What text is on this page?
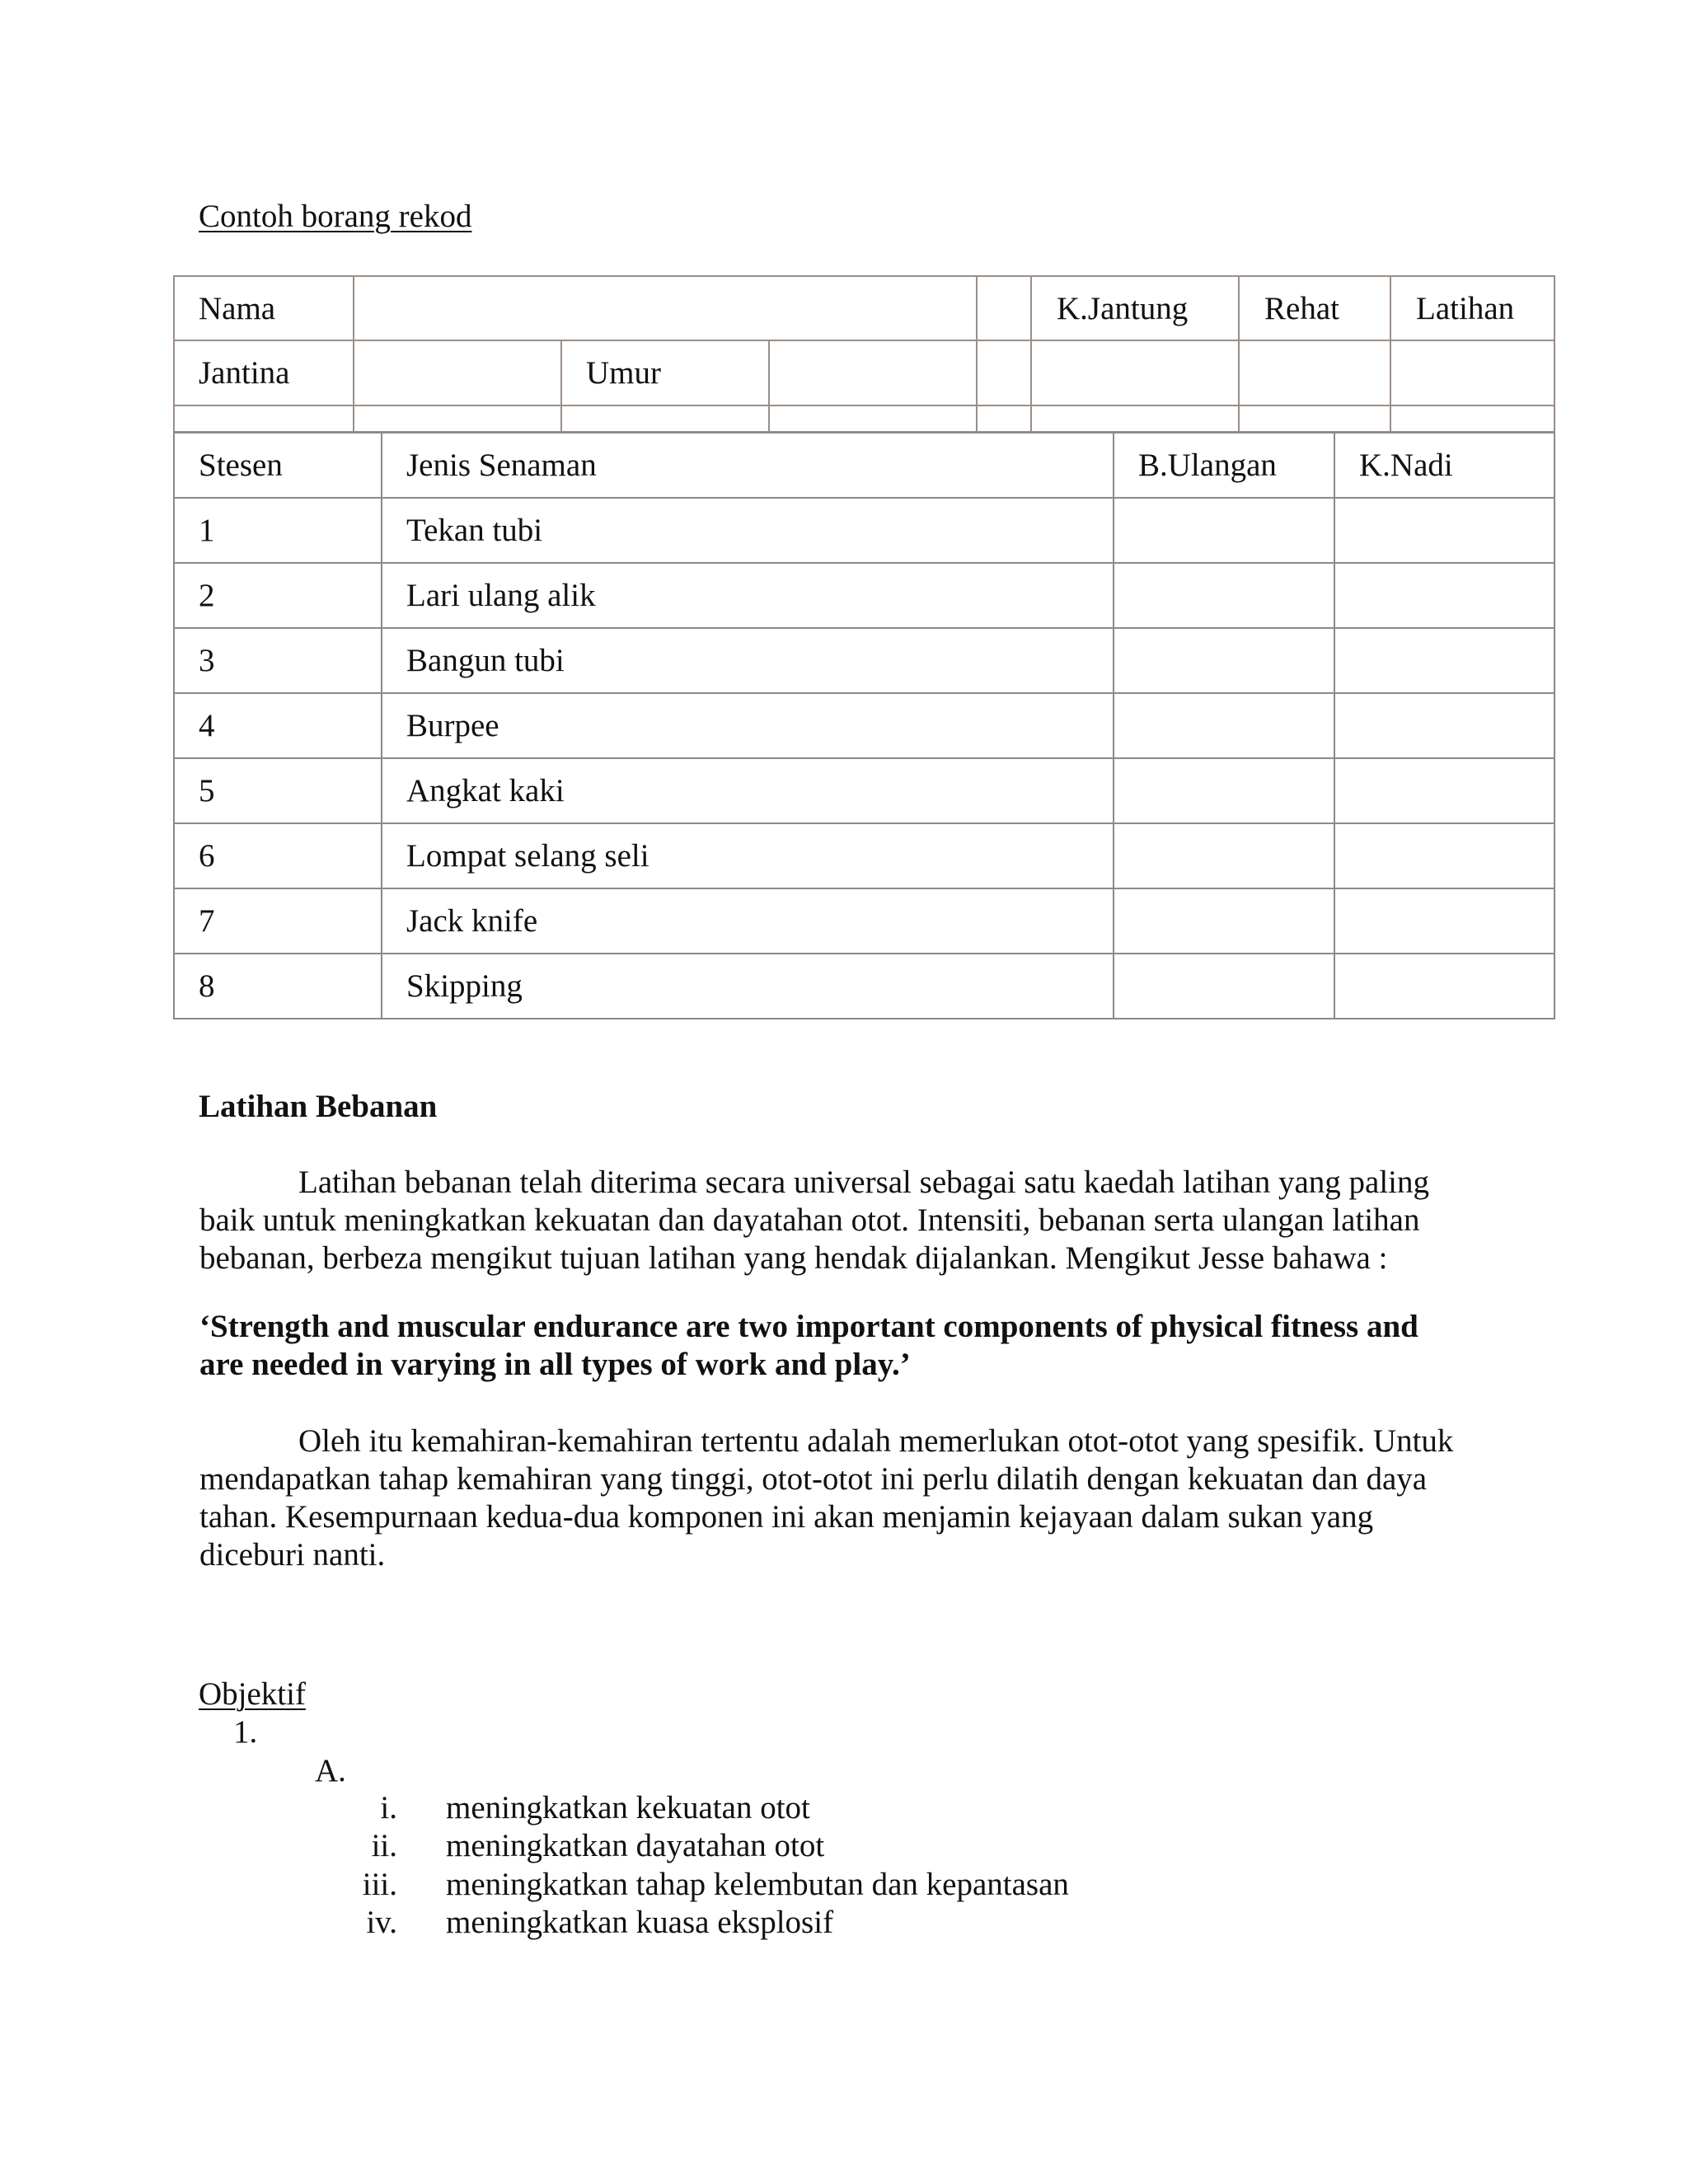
Contoh borang rekod
Nama					K.Jantung	Rehat	Latihan
Jantina		Umur					

Stesen	Jenis Senaman	B.Ulangan	K.Nadi
1	Tekan tubi		
2	Lari ulang alik		
3	Bangun tubi		
4	Burpee		
5	Angkat kaki		
6	Lompat selang seli		
7	Jack knife		
8	Skipping		
Latihan Bebanan
Latihan bebanan telah diterima secara universal sebagai satu kaedah latihan yang paling
baik untuk meningkatkan kekuatan dan dayatahan otot. Intensiti, bebanan serta ulangan latihan
bebanan, berbeza mengikut tujuan latihan yang hendak dijalankan. Mengikut Jesse bahawa :
‘Strength and muscular endurance are two important components of physical fitness and
are needed in varying in all types of work and play.’
Oleh itu kemahiran-kemahiran tertentu adalah memerlukan otot-otot yang spesifik. Untuk
mendapatkan tahap kemahiran yang tinggi, otot-otot ini perlu dilatih dengan kekuatan dan daya
tahan. Kesempurnaan kedua-dua komponen ini akan menjamin kejayaan dalam sukan yang
diceburi nanti.
Objektif
1.
A.
i. meningkatkan kekuatan otot
ii. meningkatkan dayatahan otot
iii. meningkatkan tahap kelembutan dan kepantasan
iv. meningkatkan kuasa eksplosif
